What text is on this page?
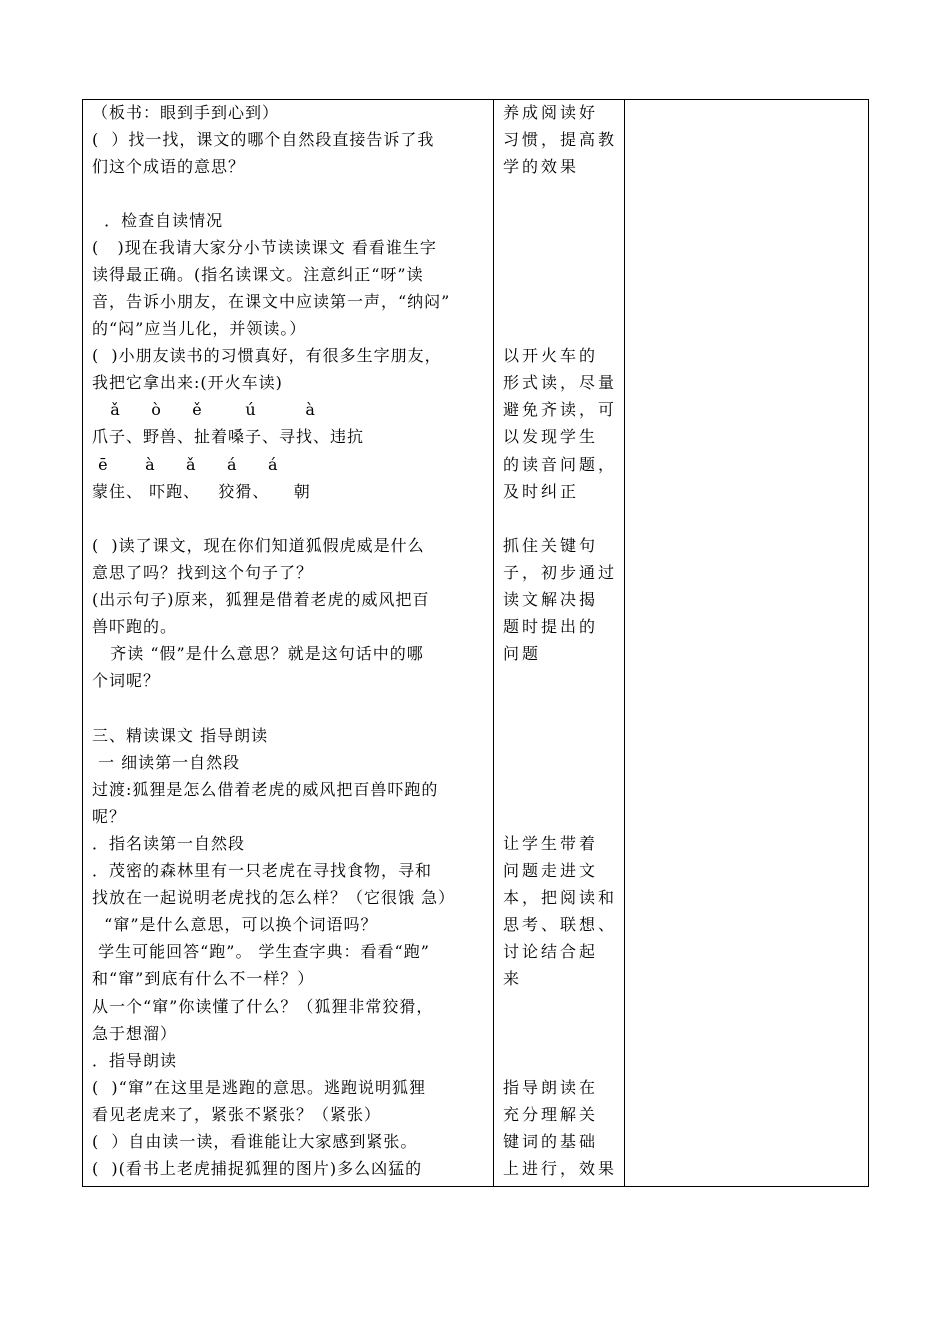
（板书：眼到手到心到）
(  ）找一找，课文的哪个自然段直接告诉了我
们这个成语的意思？
．检查自读情况
(   )现在我请大家分小节读读课文 看看谁生字
读得最正确。(指名读课文。注意纠正“呀”读
音，告诉小朋友，在课文中应读第一声，“纳闷”
的“闷”应当儿化，并领读。）
(  )小朋友读书的习惯真好，有很多生字朋友，
我把它拿出来:(开火车读)
ǎ     ò     ě       ú        à
爪子、野兽、扯着嗓子、寻找、违抗
ē      à     ǎ     á     á
蒙住、 吓跑、   狡猾、    朝
(  )读了课文，现在你们知道狐假虎威是什么
意思了吗？找到这个句子了？
(出示句子)原来，狐狸是借着老虎的威风把百
兽吓跑的。
齐读 “假”是什么意思？就是这句话中的哪
个词呢？
三、精读课文 指导朗读
一 细读第一自然段
过渡:狐狸是怎么借着老虎的威风把百兽吓跑的
呢？
．指名读第一自然段
．茂密的森林里有一只老虎在寻找食物，寻和
找放在一起说明老虎找的怎么样？（它很饿 急）
“窜”是什么意思，可以换个词语吗？
学生可能回答“跑”。 学生查字典：看看“跑”
和“窜”到底有什么不一样？）
从一个“窜”你读懂了什么？（狐狸非常狡猾，
急于想溜）
．指导朗读
(  )“窜”在这里是逃跑的意思。逃跑说明狐狸
看见老虎来了，紧张不紧张？（紧张）
(  ）自由读一读，看谁能让大家感到紧张。
(  )(看书上老虎捕捉狐狸的图片)多么凶猛的
养成阅读好
习惯，提高教
学的效果
以开火车的
形式读，尽量
避免齐读，可
以发现学生
的读音问题，
及时纠正
抓住关键句
子，初步通过
读文解决揭
题时提出的
问题
让学生带着
问题走进文
本，把阅读和
思考、联想、
讨论结合起
来
指导朗读在
充分理解关
键词的基础
上进行，效果
